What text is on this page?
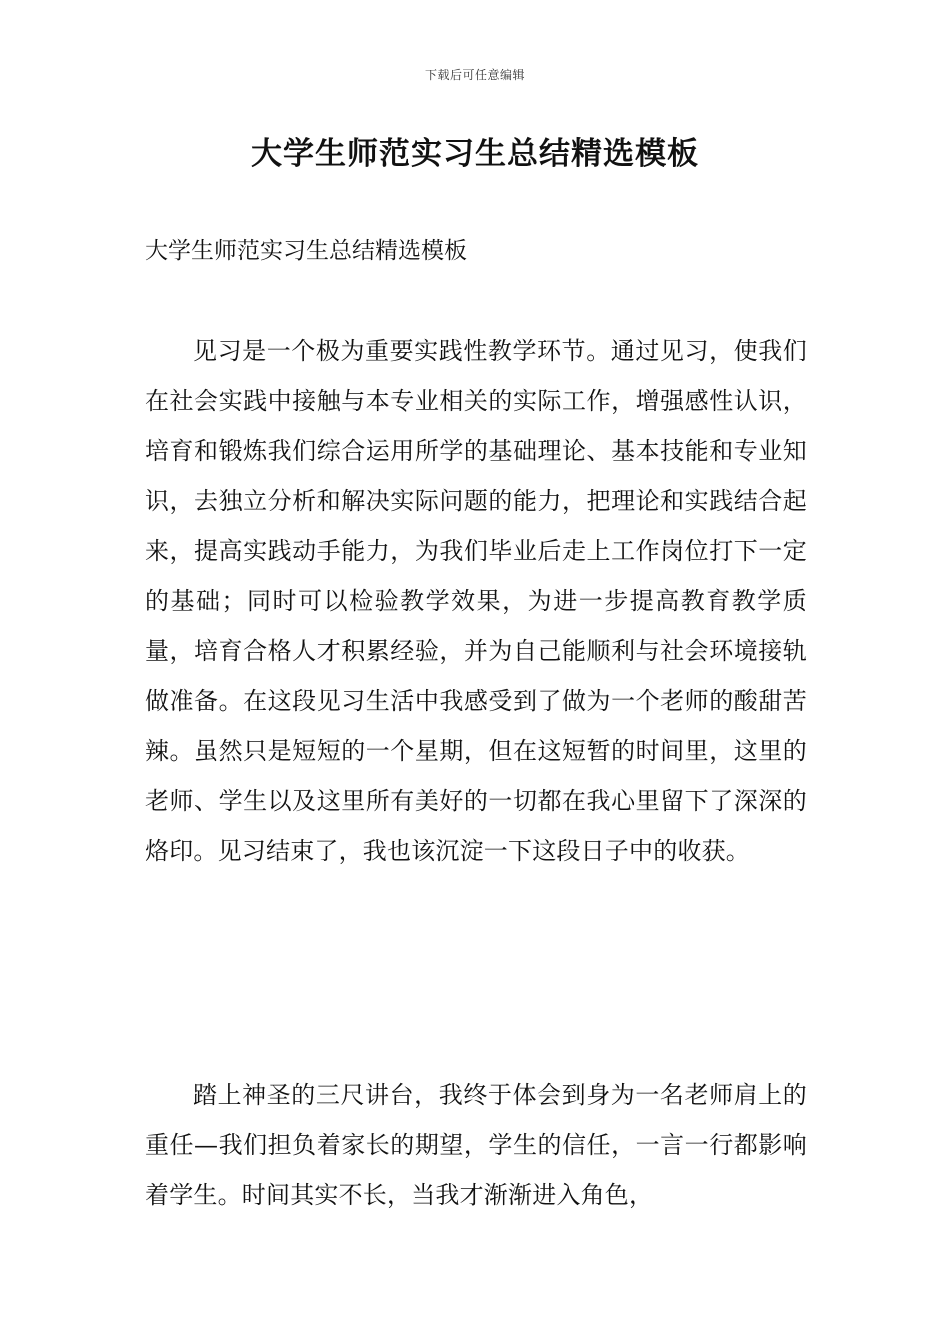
下载后可任意编辑
大学生师范实习生总结精选模板

大学生师范实习生总结精选模板

见习是一个极为重要实践性教学环节。通过见习，使我们在社会实践中接触与本专业相关的实际工作，增强感性认识，培育和锻炼我们综合运用所学的基础理论、基本技能和专业知识，去独立分析和解决实际问题的能力，把理论和实践结合起来，提高实践动手能力，为我们毕业后走上工作岗位打下一定的基础；同时可以检验教学效果，为进一步提高教育教学质量，培育合格人才积累经验，并为自己能顺利与社会环境接轨做准备。在这段见习生活中我感受到了做为一个老师的酸甜苦辣。虽然只是短短的一个星期，但在这短暂的时间里，这里的老师、学生以及这里所有美好的一切都在我心里留下了深深的烙印。见习结束了，我也该沉淀一下这段日子中的收获。

踏上神圣的三尺讲台，我终于体会到身为一名老师肩上的重任—我们担负着家长的期望，学生的信任，一言一行都影响着学生。时间其实不长，当我才渐渐进入角色，
